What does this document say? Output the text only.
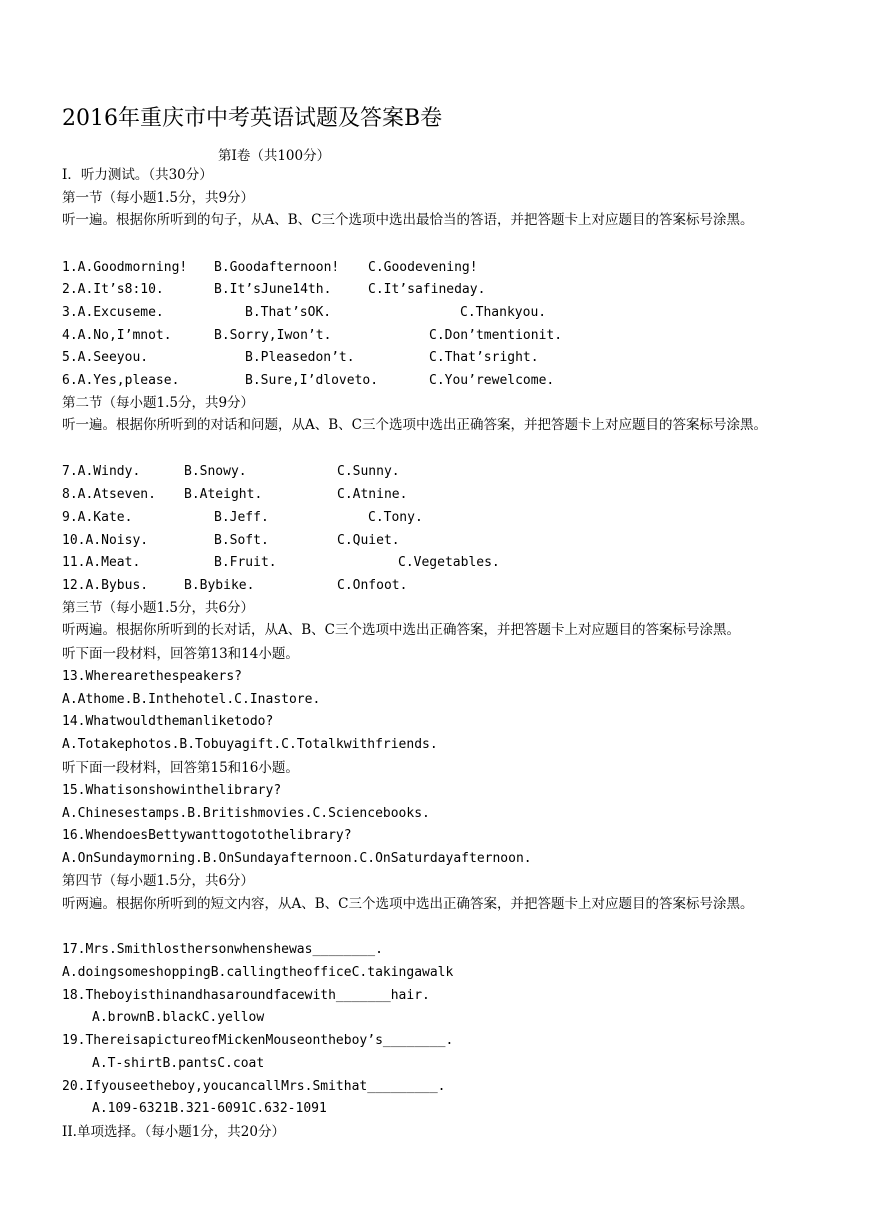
2016年重庆市中考英语试题及答案B卷
第I卷（共100分）
I．听力测试。（共30分）
第一节（每小题1.5分，共9分）
听一遍。根据你所听到的句子，从A、B、C三个选项中选出最恰当的答语，并把答题卡上对应题目的答案标号涂黑。
1.A.Goodmorning! B.Goodafternoon! C.Goodevening!
2.A.It’s8:10.	B.It’sJune14th.	C.It’safineday.
3.A.Excuseme.	B.That’sOK.	C.Thankyou.
4.A.No,I’mnot.	B.Sorry,Iwon’t.	C.Don’tmentionit.
5.A.Seeyou.	B.Pleasedon’t.	C.That’sright.
6.A.Yes,please.	B.Sure,I’dloveto.	C.You’rewelcome.
第二节（每小题1.5分，共9分）
听一遍。根据你所听到的对话和问题，从A、B、C三个选项中选出正确答案，并把答题卡上对应题目的答案标号涂黑。
7.A.Windy.	B.Snowy.	C.Sunny.
8.A.Atseven. B.Ateight.	C.Atnine.
9.A.Kate.	B.Jeff.	C.Tony.
10.A.Noisy.	B.Soft.	C.Quiet.
11.A.Meat.	B.Fruit.	C.Vegetables.
12.A.Bybus.	B.Bybike.	C.Onfoot.
第三节（每小题1.5分，共6分）
听两遍。根据你所听到的长对话，从A、B、C三个选项中选出正确答案，并把答题卡上对应题目的答案标号涂黑。
听下面一段材料，回答第13和14小题。
13.Wherearethespeakers?
A.Athome.B.Inthehotel.C.Inastore.
14.Whatwouldthemanliketodo?
A.Totakephotos.B.Tobuyagift.C.Totalkwithfriends.
听下面一段材料，回答第15和16小题。
15.Whatisonshowinthelibrary?
A.Chinesestamps.B.Britishmovies.C.Sciencebooks.
16.WhendoesBettywanttogotothelibrary?
A.OnSundaymorning.B.OnSundayafternoon.C.OnSaturdayafternoon.
第四节（每小题1.5分，共6分）
听两遍。根据你所听到的短文内容，从A、B、C三个选项中选出正确答案，并把答题卡上对应题目的答案标号涂黑。
17.Mrs.Smithlosthersonwhenshewas________.
A.doingsomeshoppingB.callingtheofficeC.takingawalk
18.Theboyisthinandhasaroundfacewith_______hair.
A.brownB.blackC.yellow
19.ThereisapictureofMickenMouseontheboy’s________.
A.T-shirtB.pantsC.coat
20.Ifyouseetheboy,youcancallMrs.Smithat_________.
A.109-6321B.321-6091C.632-1091
II.单项选择。（每小题1分，共20分）
